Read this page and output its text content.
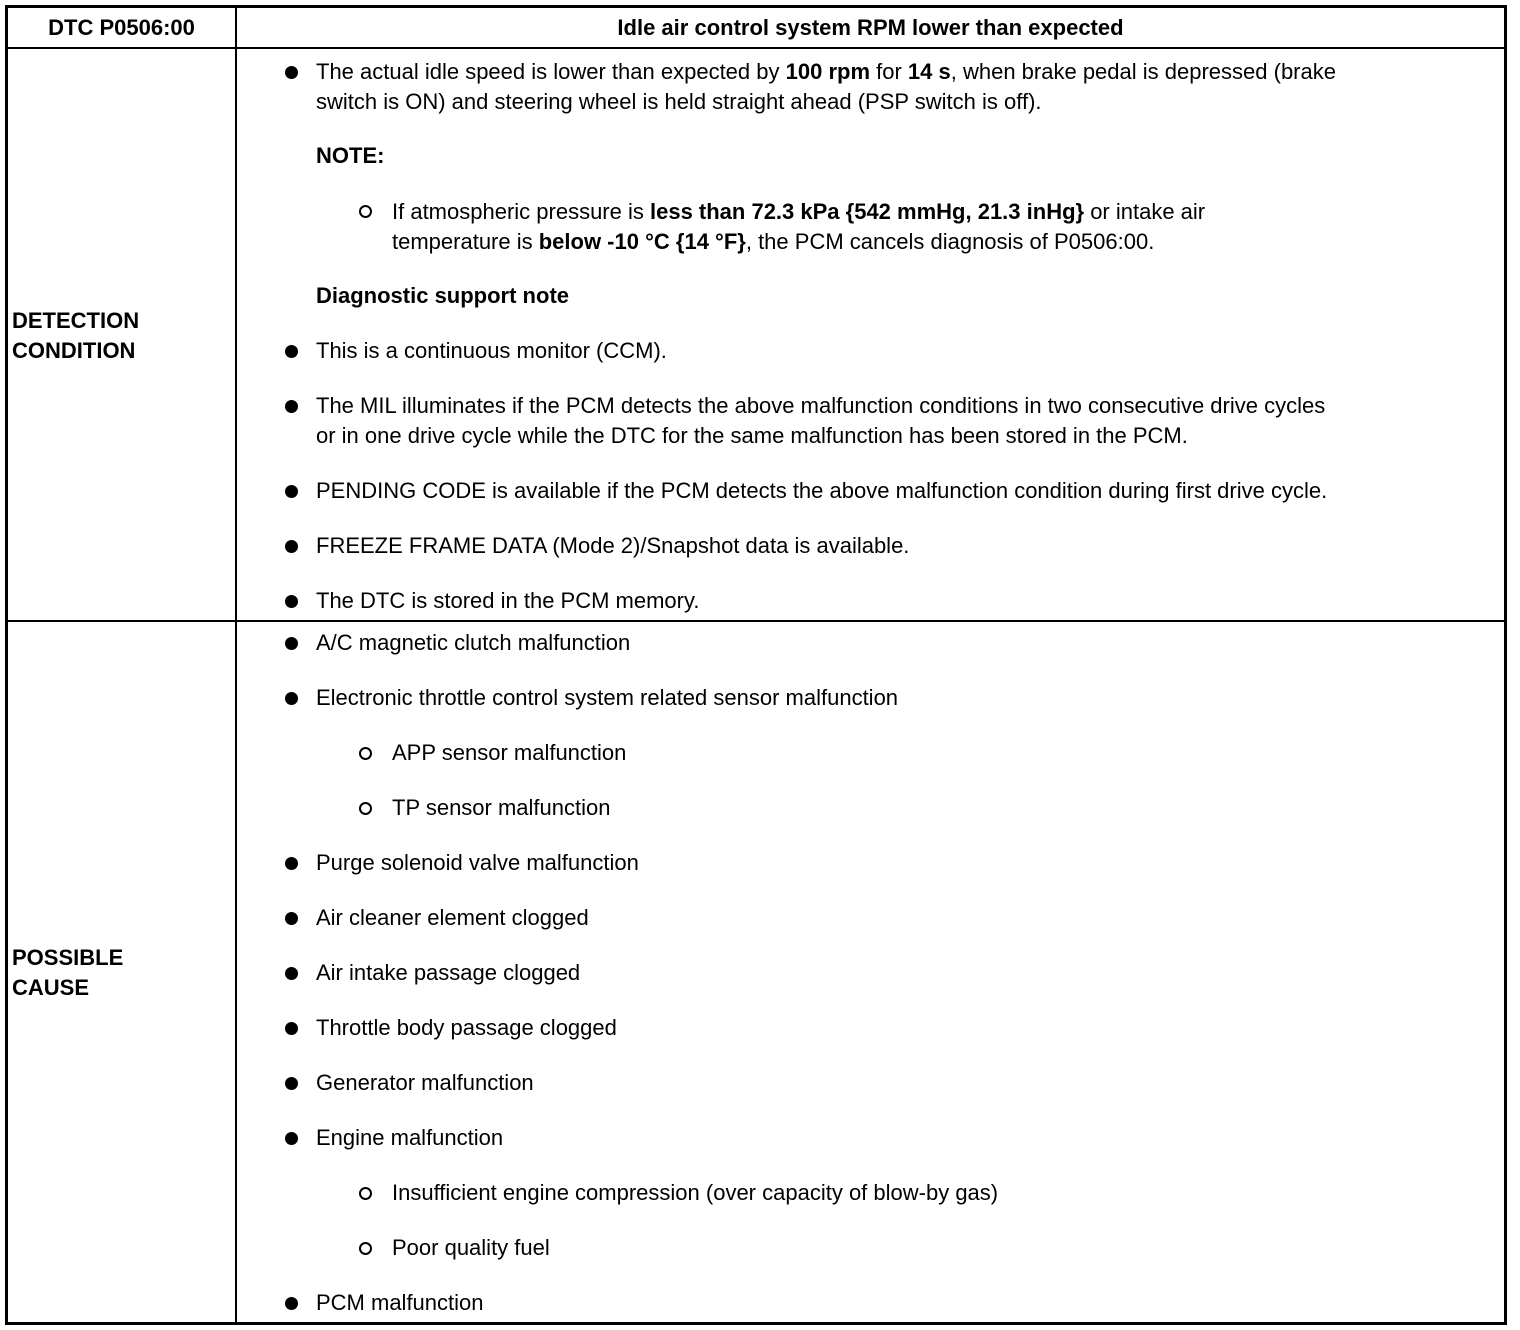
DTC P0506:00	Idle air control system RPM lower than expected
DETECTION
CONDITION
The actual idle speed is lower than expected by 100 rpm for 14 s, when brake pedal is depressed (brake
switch is ON) and steering wheel is held straight ahead (PSP switch is off).
NOTE:
If atmospheric pressure is less than 72.3 kPa {542 mmHg, 21.3 inHg} or intake air
temperature is below -10 °C {14 °F}, the PCM cancels diagnosis of P0506:00.
Diagnostic support note
This is a continuous monitor (CCM).
The MIL illuminates if the PCM detects the above malfunction conditions in two consecutive drive cycles
or in one drive cycle while the DTC for the same malfunction has been stored in the PCM.
PENDING CODE is available if the PCM detects the above malfunction condition during first drive cycle.
FREEZE FRAME DATA (Mode 2)/Snapshot data is available.
The DTC is stored in the PCM memory.
POSSIBLE
CAUSE
A/C magnetic clutch malfunction
Electronic throttle control system related sensor malfunction
APP sensor malfunction
TP sensor malfunction
Purge solenoid valve malfunction
Air cleaner element clogged
Air intake passage clogged
Throttle body passage clogged
Generator malfunction
Engine malfunction
Insufficient engine compression (over capacity of blow-by gas)
Poor quality fuel
PCM malfunction
